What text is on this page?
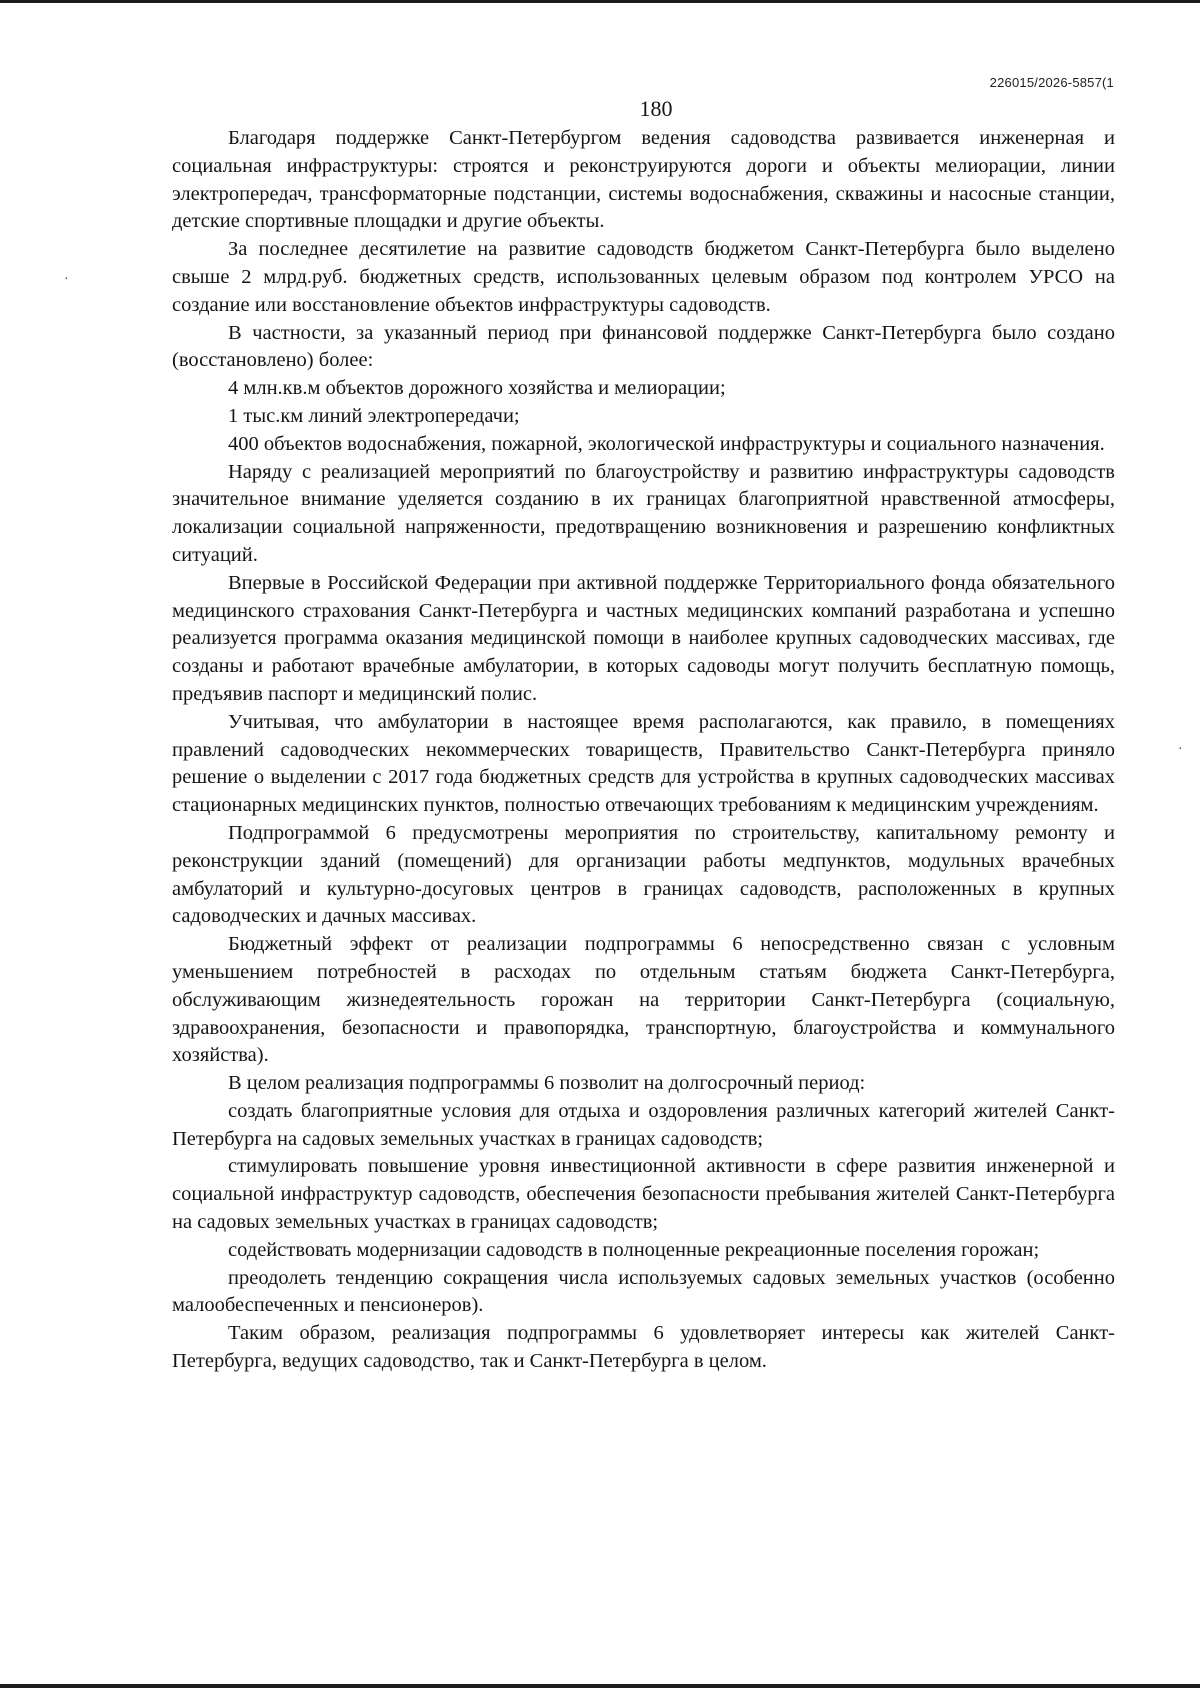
226015/2026-5857(1
180

Благодаря поддержке Санкт-Петербургом ведения садоводства развивается инженерная и социальная инфраструктуры: строятся и реконструируются дороги и объекты мелиорации, линии электропередач, трансформаторные подстанции, системы водоснабжения, скважины и насосные станции, детские спортивные площадки и другие объекты.

За последнее десятилетие на развитие садоводств бюджетом Санкт-Петербурга было выделено свыше 2 млрд.руб. бюджетных средств, использованных целевым образом под контролем УРСО на создание или восстановление объектов инфраструктуры садоводств.

В частности, за указанный период при финансовой поддержке Санкт-Петербурга было создано (восстановлено) более:

4 млн.кв.м объектов дорожного хозяйства и мелиорации;

1 тыс.км линий электропередачи;

400 объектов водоснабжения, пожарной, экологической инфраструктуры и социального назначения.

Наряду с реализацией мероприятий по благоустройству и развитию инфраструктуры садоводств значительное внимание уделяется созданию в их границах благоприятной нравственной атмосферы, локализации социальной напряженности, предотвращению возникновения и разрешению конфликтных ситуаций.

Впервые в Российской Федерации при активной поддержке Территориального фонда обязательного медицинского страхования Санкт-Петербурга и частных медицинских компаний разработана и успешно реализуется программа оказания медицинской помощи в наиболее крупных садоводческих массивах, где созданы и работают врачебные амбулатории, в которых садоводы могут получить бесплатную помощь, предъявив паспорт и медицинский полис.

Учитывая, что амбулатории в настоящее время располагаются, как правило, в помещениях правлений садоводческих некоммерческих товариществ, Правительство Санкт-Петербурга приняло решение о выделении с 2017 года бюджетных средств для устройства в крупных садоводческих массивах стационарных медицинских пунктов, полностью отвечающих требованиям к медицинским учреждениям.

Подпрограммой 6 предусмотрены мероприятия по строительству, капитальному ремонту и реконструкции зданий (помещений) для организации работы медпунктов, модульных врачебных амбулаторий и культурно-досуговых центров в границах садоводств, расположенных в крупных садоводческих и дачных массивах.

Бюджетный эффект от реализации подпрограммы 6 непосредственно связан с условным уменьшением потребностей в расходах по отдельным статьям бюджета Санкт-Петербурга, обслуживающим жизнедеятельность горожан на территории Санкт-Петербурга (социальную, здравоохранения, безопасности и правопорядка, транспортную, благоустройства и коммунального хозяйства).

В целом реализация подпрограммы 6 позволит на долгосрочный период:

создать благоприятные условия для отдыха и оздоровления различных категорий жителей Санкт-Петербурга на садовых земельных участках в границах садоводств;

стимулировать повышение уровня инвестиционной активности в сфере развития инженерной и социальной инфраструктур садоводств, обеспечения безопасности пребывания жителей Санкт-Петербурга на садовых земельных участках в границах садоводств;

содействовать модернизации садоводств в полноценные рекреационные поселения горожан;

преодолеть тенденцию сокращения числа используемых садовых земельных участков (особенно малообеспеченных и пенсионеров).

Таким образом, реализация подпрограммы 6 удовлетворяет интересы как жителей Санкт-Петербурга, ведущих садоводство, так и Санкт-Петербурга в целом.

·
·
